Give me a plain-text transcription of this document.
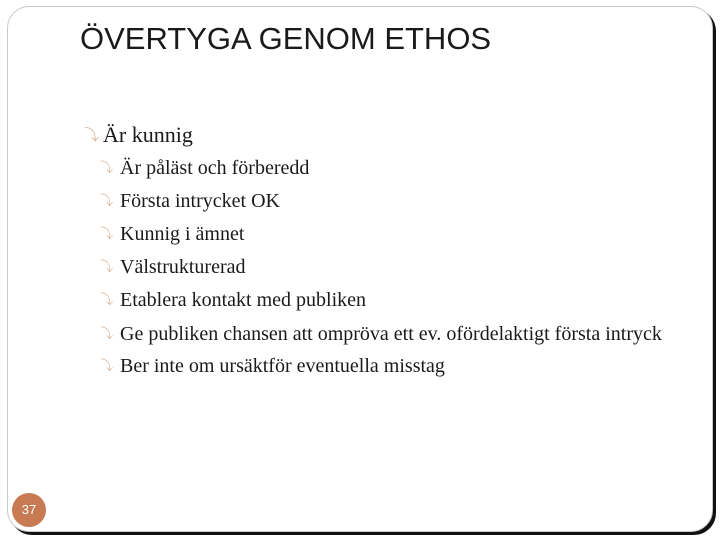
ÖVERTYGA GENOM ETHOS
⤵ Är kunnig
⤵ Är påläst och förberedd
⤵ Första intrycket OK
⤵ Kunnig i ämnet
⤵ Välstrukturerad
⤵ Etablera kontakt med publiken
⤵ Ge publiken chansen att ompröva ett ev. ofördelaktigt första intryck
⤵ Ber inte om ursäktför eventuella misstag
37
